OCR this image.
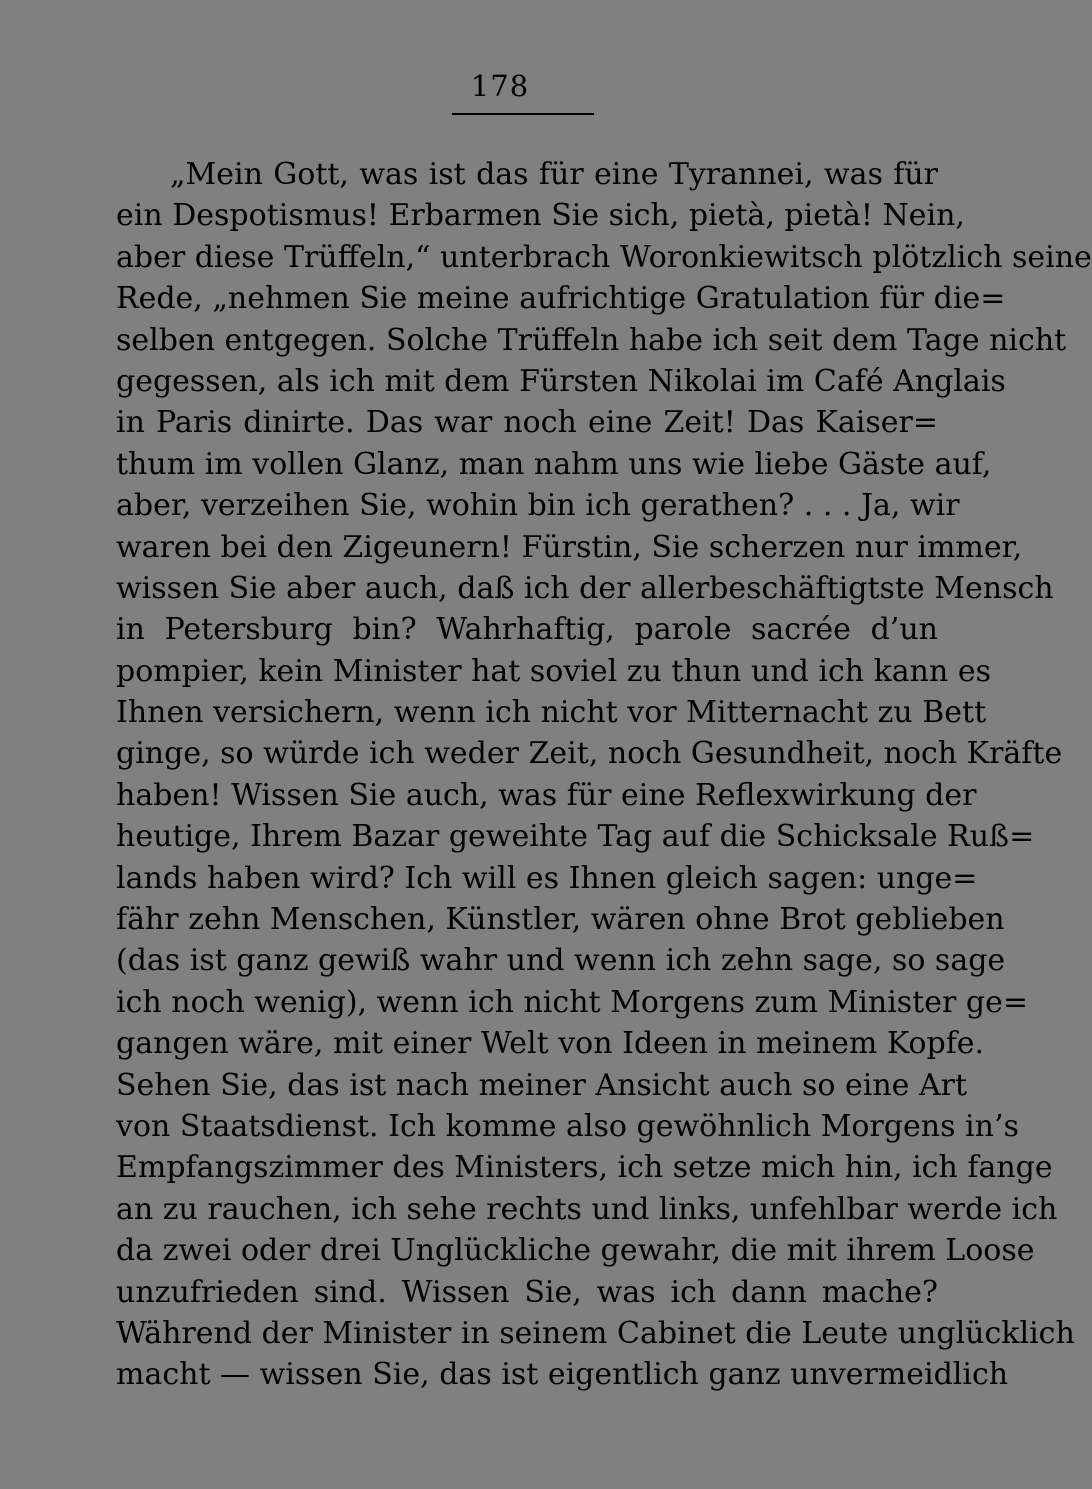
178
„Mein Gott, was ist das für eine Tyrannei, was für
ein Despotismus! Erbarmen Sie sich, pietà, pietà! Nein,
aber diese Trüffeln,“ unterbrach Woronkiewitsch plötzlich seine
Rede, „nehmen Sie meine aufrichtige Gratulation für die=
selben entgegen. Solche Trüffeln habe ich seit dem Tage nicht
gegessen, als ich mit dem Fürsten Nikolai im Café Anglais
in Paris dinirte. Das war noch eine Zeit! Das Kaiser=
thum im vollen Glanz, man nahm uns wie liebe Gäste auf,
aber, verzeihen Sie, wohin bin ich gerathen? . . . Ja, wir
waren bei den Zigeunern! Fürstin, Sie scherzen nur immer,
wissen Sie aber auch, daß ich der allerbeschäftigtste Mensch
in Petersburg bin? Wahrhaftig, parole sacrée d’un
pompier, kein Minister hat soviel zu thun und ich kann es
Ihnen versichern, wenn ich nicht vor Mitternacht zu Bett
ginge, so würde ich weder Zeit, noch Gesundheit, noch Kräfte
haben! Wissen Sie auch, was für eine Reflexwirkung der
heutige, Ihrem Bazar geweihte Tag auf die Schicksale Ruß=
lands haben wird? Ich will es Ihnen gleich sagen: unge=
fähr zehn Menschen, Künstler, wären ohne Brot geblieben
(das ist ganz gewiß wahr und wenn ich zehn sage, so sage
ich noch wenig), wenn ich nicht Morgens zum Minister ge=
gangen wäre, mit einer Welt von Ideen in meinem Kopfe.
Sehen Sie, das ist nach meiner Ansicht auch so eine Art
von Staatsdienst. Ich komme also gewöhnlich Morgens in’s
Empfangszimmer des Ministers, ich setze mich hin, ich fange
an zu rauchen, ich sehe rechts und links, unfehlbar werde ich
da zwei oder drei Unglückliche gewahr, die mit ihrem Loose
unzufrieden sind. Wissen Sie, was ich dann mache?
Während der Minister in seinem Cabinet die Leute unglücklich
macht — wissen Sie, das ist eigentlich ganz unvermeidlich
